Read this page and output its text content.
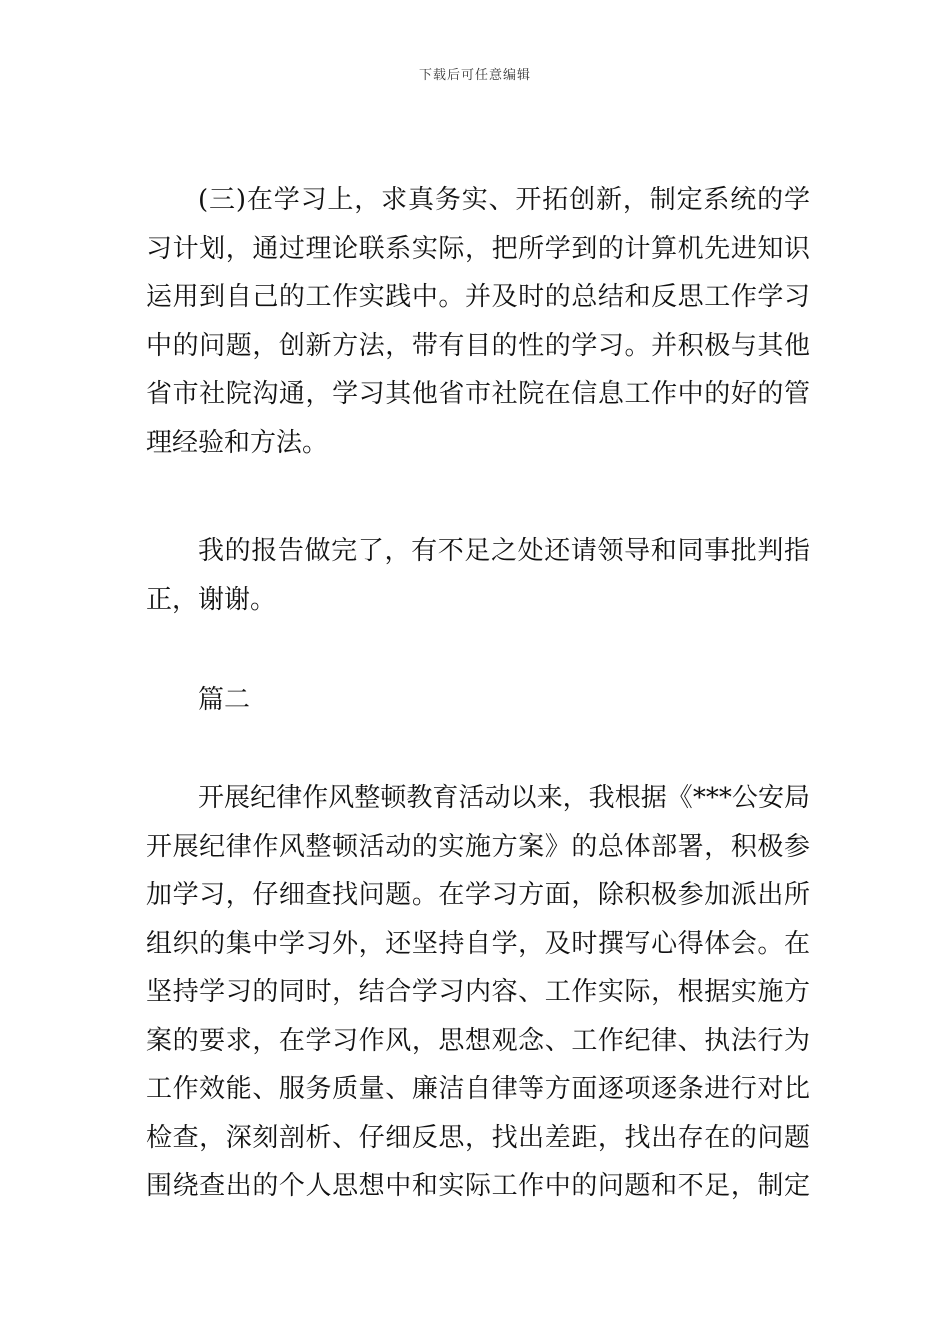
下载后可任意编辑
(三)在学习上，求真务实、开拓创新，制定系统的学
习计划，通过理论联系实际，把所学到的计算机先进知识
运用到自己的工作实践中。并及时的总结和反思工作学习
中的问题，创新方法，带有目的性的学习。并积极与其他
省市社院沟通，学习其他省市社院在信息工作中的好的管
理经验和方法。
我的报告做完了，有不足之处还请领导和同事批判指
正，谢谢。
篇二
开展纪律作风整顿教育活动以来，我根据《***公安局
开展纪律作风整顿活动的实施方案》的总体部署，积极参
加学习，仔细查找问题。在学习方面，除积极参加派出所
组织的集中学习外，还坚持自学，及时撰写心得体会。在
坚持学习的同时，结合学习内容、工作实际，根据实施方
案的要求，在学习作风，思想观念、工作纪律、执法行为
工作效能、服务质量、廉洁自律等方面逐项逐条进行对比
检查，深刻剖析、仔细反思，找出差距，找出存在的问题
围绕查出的个人思想中和实际工作中的问题和不足，制定
